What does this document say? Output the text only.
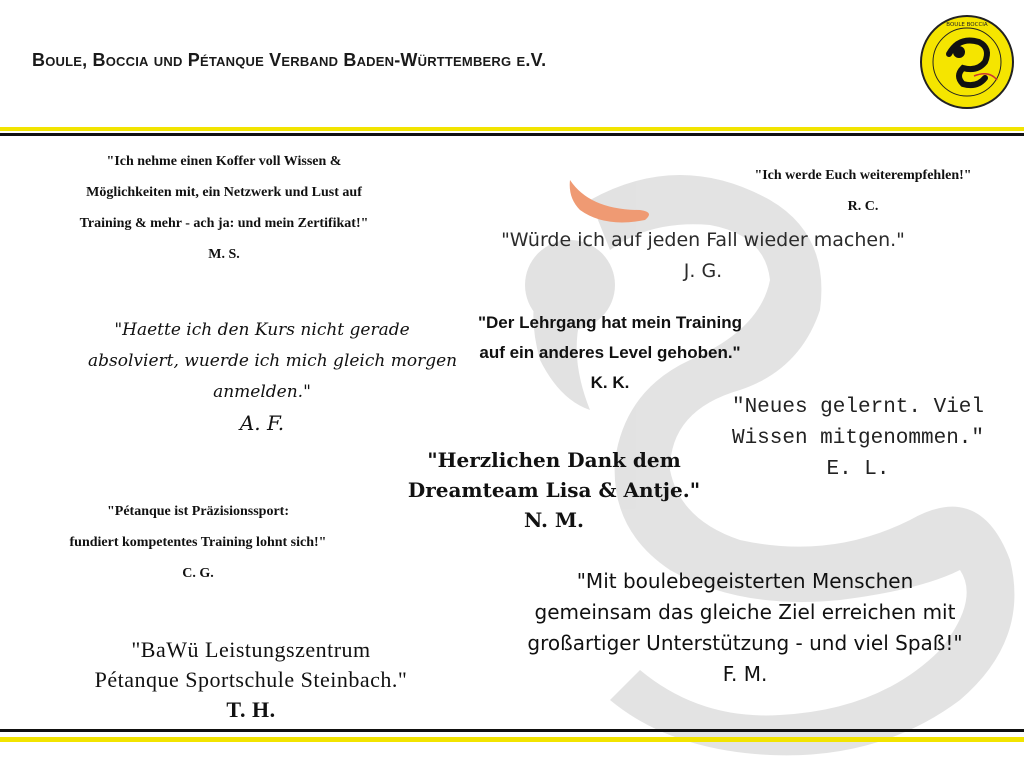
Boule, Boccia und Pétanque Verband Baden-Württemberg e.V.
BOULE BOCCIA
"Ich nehme einen Koffer voll Wissen &
Möglichkeiten mit, ein Netzwerk und Lust auf
Training & mehr - ach ja: und mein Zertifikat!"
M. S.
"Ich werde Euch weiterempfehlen!"
R. C.
"Würde ich auf jeden Fall wieder machen."
J. G.
"Haette ich den Kurs nicht gerade
absolviert, wuerde ich mich gleich morgen
anmelden."
A. F.
"Der Lehrgang hat mein Training
auf ein anderes Level gehoben."
K. K.
"Neues gelernt. Viel
Wissen mitgenommen."
E. L.
"Herzlichen Dank dem
Dreamteam Lisa & Antje."
N. M.
"Pétanque ist Präzisionssport:
fundiert kompetentes Training lohnt sich!"
C. G.	"Mit boulebegeisterten Menschen
gemeinsam das gleiche Ziel erreichen mit
großartiger Unterstützung - und viel Spaß!"
F. M.
"BaWü Leistungszentrum
Pétanque Sportschule Steinbach."
T. H.
